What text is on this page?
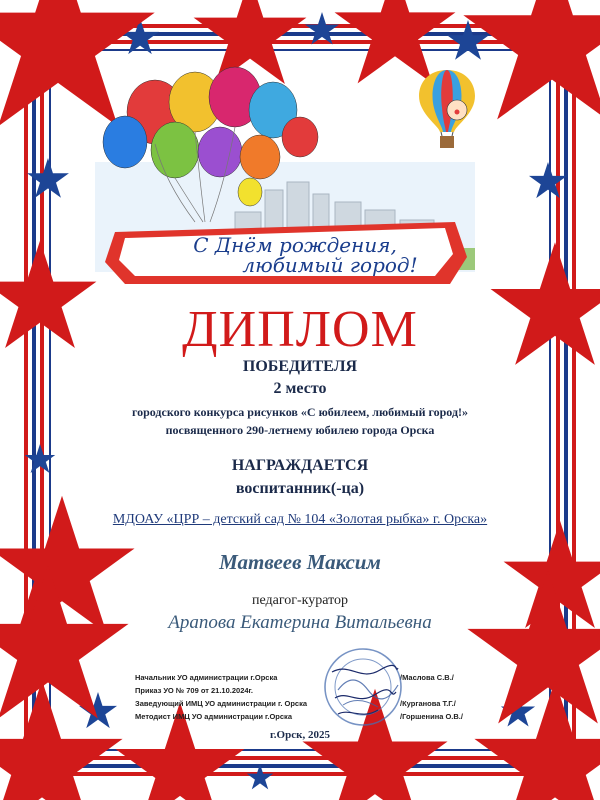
С Днём рождения,
любимый город!
ДИПЛОМ
ПОБЕДИТЕЛЯ
2 место
городского конкурса рисунков «С юбилеем, любимый город!»
посвященного 290-летнему юбилею города Орска
НАГРАЖДАЕТСЯ
воспитанник(-ца)
МДОАУ «ЦРР – детский сад № 104 «Золотая рыбка» г. Орска»
Матвеев Максим
педагог-куратор
Арапова Екатерина Витальевна
Начальник УО администрации г.Орска	/Маслова С.В./
Приказ УО № 709 от 21.10.2024г.
Заведующий ИМЦ УО администрации г. Орска	/Курганова Т.Г./
Методист ИМЦ УО администрации г.Орска	/Горшенина О.В./
г.Орск, 2025
